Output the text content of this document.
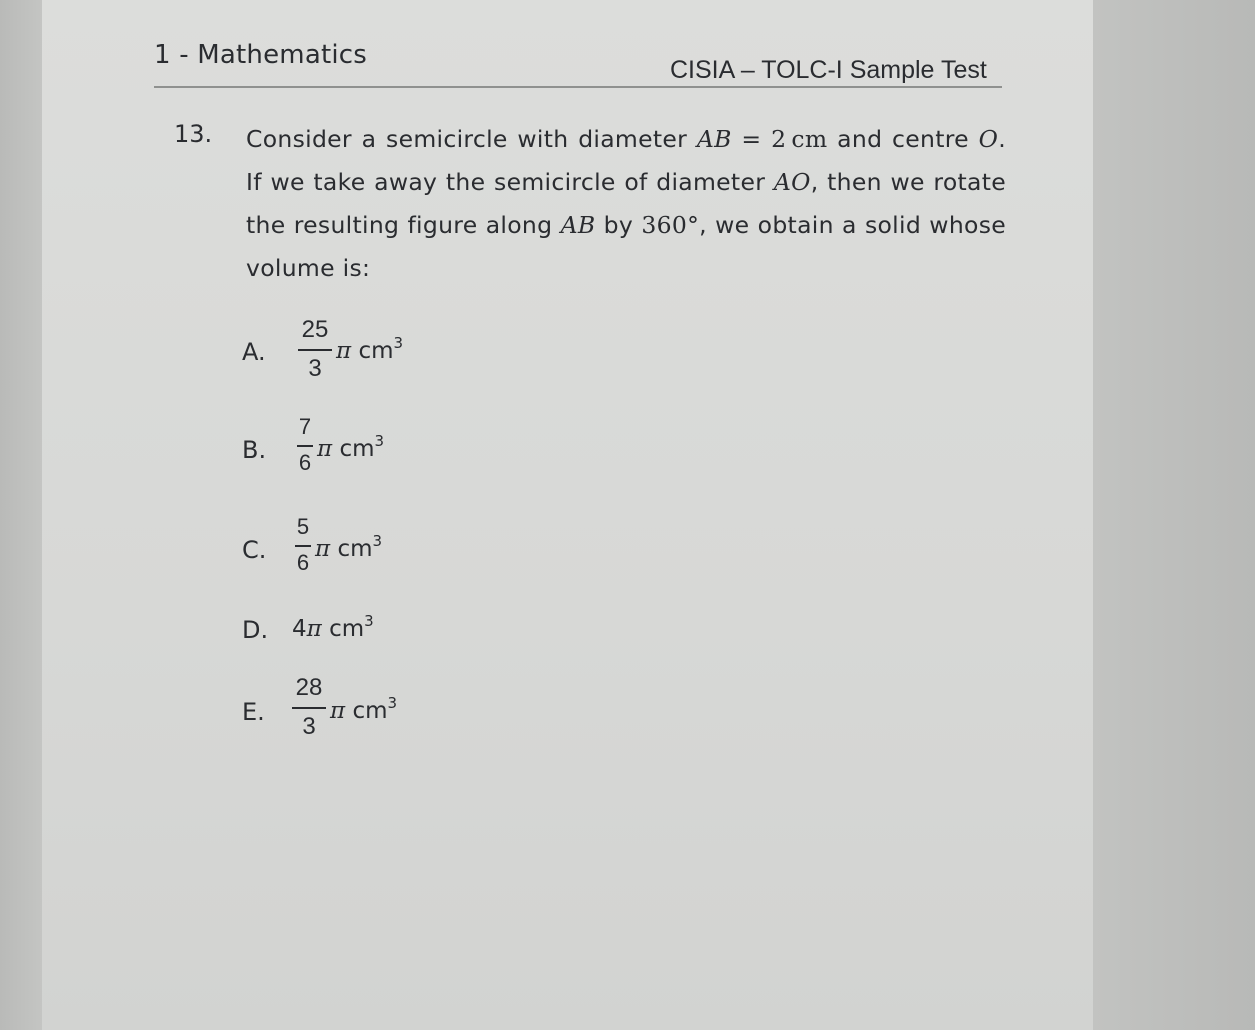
1 - Mathematics	CISIA – TOLC-I Sample Test
13. Consider a semicircle with diameter AB = 2 cm and centre O. If we take away the semicircle of diameter AO, then we rotate the resulting figure along AB by 360°, we obtain a solid whose volume is:
A.
25
3
π $cm^3$
B.
7
6
π $cm^3$
C.
5
6
π $cm^3$
D. 4π $cm^3$
E.
28
3
π $cm^3$
